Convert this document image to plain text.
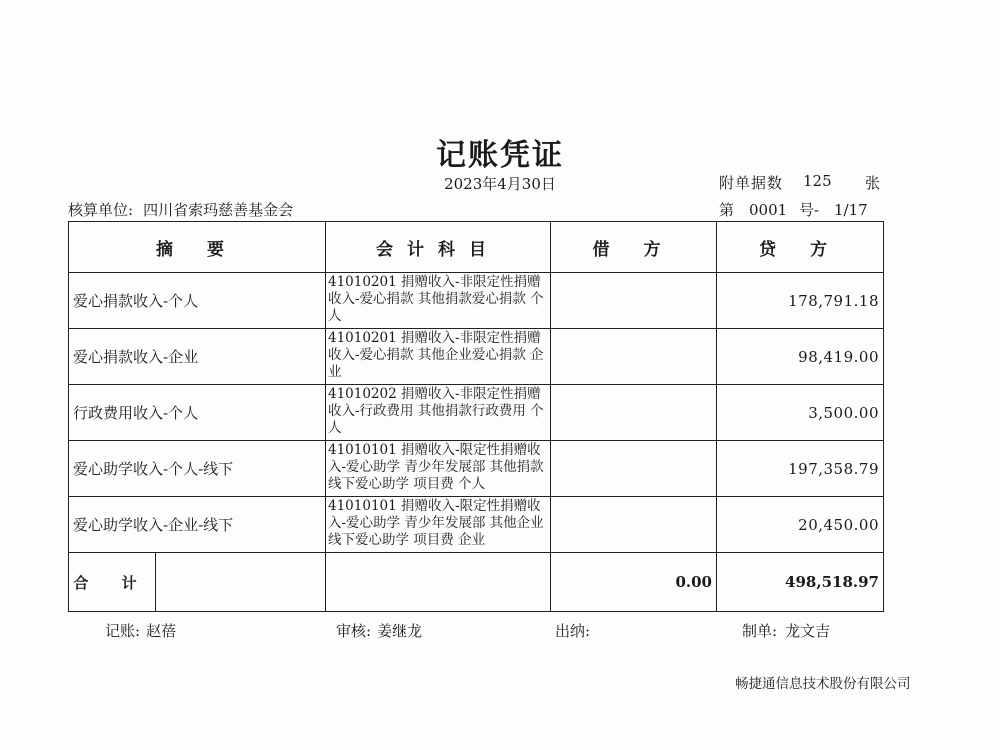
记账凭证
2023年4月30日	附单据数 125 张
核算单位: 四川省索玛慈善基金会	第 0001 号- 1/17
摘 要	会计科目	借 方	贷 方
爱心捐款收入-个人	41010201 捐赠收入-非限定性捐赠收入-爱心捐款 其他捐款爱心捐款 个人		178,791.18
爱心捐款收入-企业	41010201 捐赠收入-非限定性捐赠收入-爱心捐款 其他企业爱心捐款 企业		98,419.00
行政费用收入-个人	41010202 捐赠收入-非限定性捐赠收入-行政费用 其他捐款行政费用 个人		3,500.00
爱心助学收入-个人-线下	41010101 捐赠收入-限定性捐赠收入-爱心助学 青少年发展部 其他捐款 线下爱心助学 项目费 个人		197,358.79
爱心助学收入-企业-线下	41010101 捐赠收入-限定性捐赠收入-爱心助学 青少年发展部 其他企业 线下爱心助学 项目费 企业		20,450.00

合 计		0.00	498,518.97
记账: 赵蓓	审核: 姜继龙	出纳:	制单: 龙文吉
畅捷通信息技术股份有限公司
